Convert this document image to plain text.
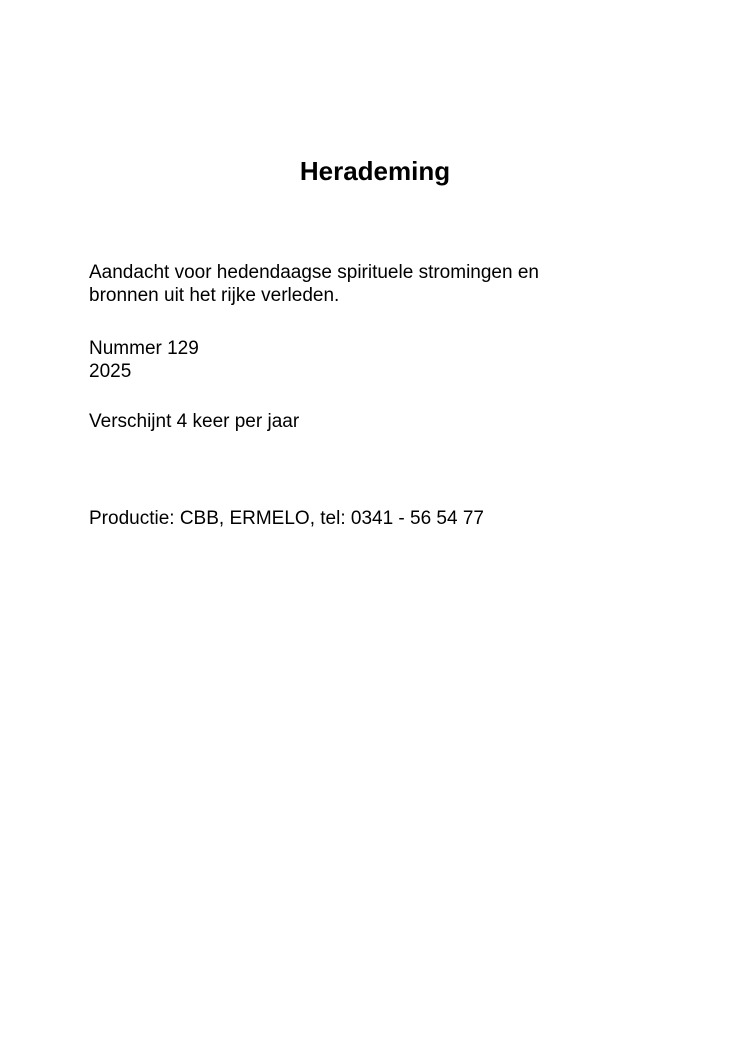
Herademing

Aandacht voor hedendaagse spirituele stromingen en

bronnen uit het rijke verleden.

Nummer 129

2025

Verschijnt 4 keer per jaar

Productie: CBB, ERMELO, tel: 0341 - 56 54 77
